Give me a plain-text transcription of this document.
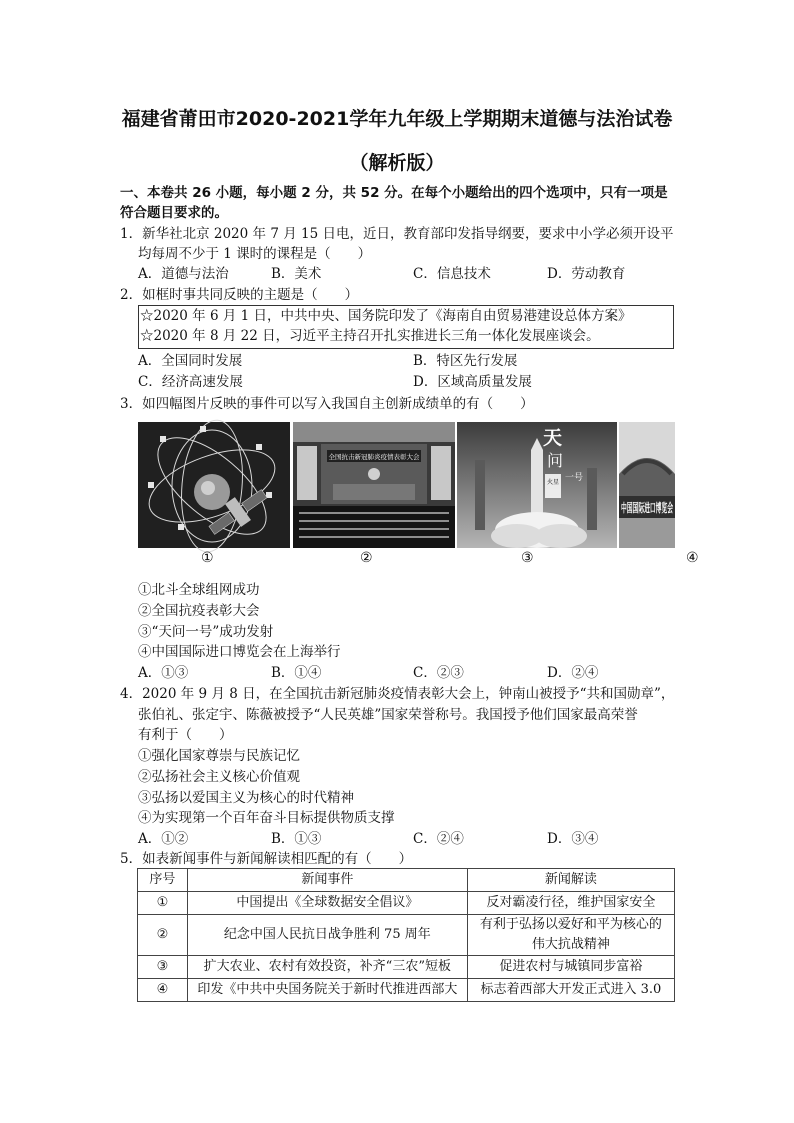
福建省莆田市2020-2021学年九年级上学期期末道德与法治试卷
（解析版）
一、本卷共 26 小题，每小题 2 分，共 52 分。在每个小题给出的四个选项中，只有一项是
符合题目要求的。
1．新华社北京 2020 年 7 月 15 日电，近日，教育部印发指导纲要，要求中小学必须开设平
均每周不少于 1 课时的课程是（　　）
A．道德与法治	B．美术	C．信息技术	D．劳动教育
2．如框时事共同反映的主题是（　　）
☆2020 年 6 月 1 日，中共中央、国务院印发了《海南自由贸易港建设总体方案》
☆2020 年 8 月 22 日，习近平主持召开扎实推进长三角一体化发展座谈会。
A．全国同时发展	B．特区先行发展
C．经济高速发展	D．区域高质量发展
3．如四幅图片反映的事件可以写入我国自主创新成绩单的有（　　）
全国抗击新冠肺炎疫情表彰大会
天
问
一号
火星
中国国际进口博览会
①	②	③	④
①北斗全球组网成功
②全国抗疫表彰大会
③“天问一号”成功发射
④中国国际进口博览会在上海举行
A．①③	B．①④	C．②③	D．②④
4．2020 年 9 月 8 日，在全国抗击新冠肺炎疫情表彰大会上，钟南山被授予“共和国勋章”，
张伯礼、张定宇、陈薇被授予“人民英雄”国家荣誉称号。我国授予他们国家最高荣誉
有利于（　　）
①强化国家尊崇与民族记忆
②弘扬社会主义核心价值观
③弘扬以爱国主义为核心的时代精神
④为实现第一个百年奋斗目标提供物质支撑
A．①②	B．①③	C．②④	D．③④
5．如表新闻事件与新闻解读相匹配的有（　　）
序号	新闻事件	新闻解读
①	中国提出《全球数据安全倡议》	反对霸凌行径，维护国家安全
②	纪念中国人民抗日战争胜利 75 周年	有利于弘扬以爱好和平为核心的
伟大抗战精神

③	扩大农业、农村有效投资，补齐“三农”短板	促进农村与城镇同步富裕
④	印发《中共中央国务院关于新时代推进西部大	标志着西部大开发正式进入 3.0
